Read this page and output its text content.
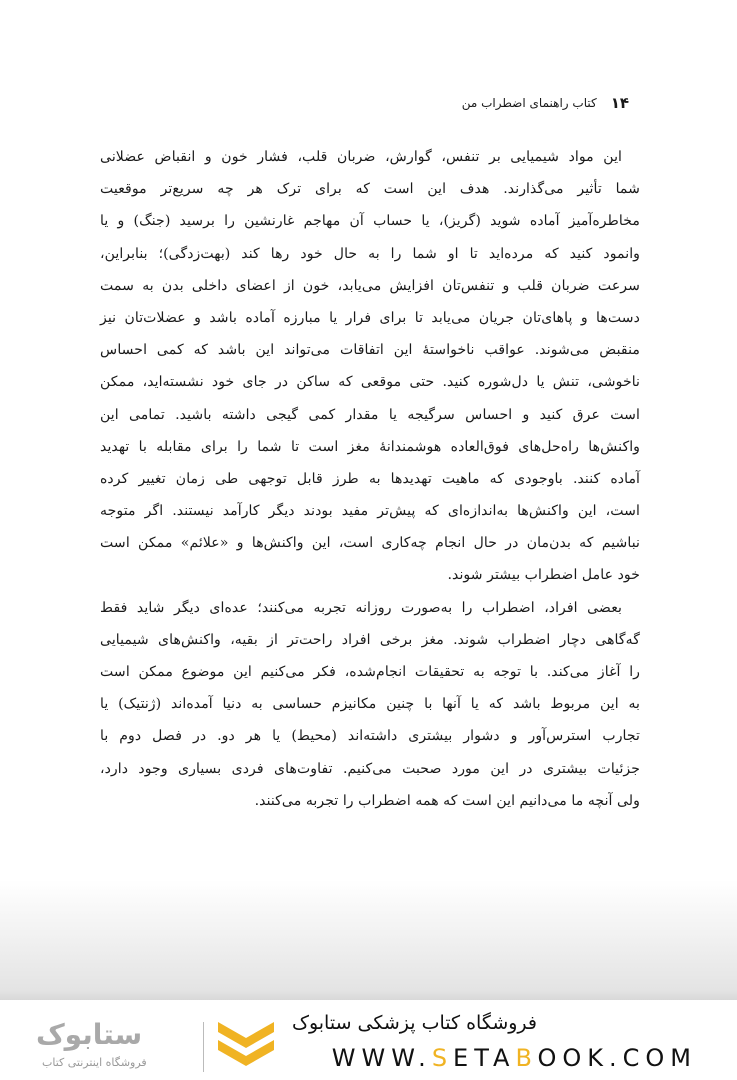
۱۴
کتاب راهنمای اضطراب من
این مواد شیمیایی بر تنفس، گوارش، ضربان قلب، فشار خون و انقباض عضلانی
شما تأثیر می‌گذارند. هدف این است که برای ترک هر چه سریع‌تر موقعیت
مخاطره‌آمیز آماده شوید (گریز)، یا حساب آن مهاجم غارنشین را برسید (جنگ) و یا
وانمود کنید که مرده‌اید تا او شما را به حال خود رها کند (بهت‌زدگی)؛ بنابراین،
سرعت ضربان قلب و تنفس‌تان افزایش می‌یابد، خون از اعضای داخلی بدن به سمت
دست‌ها و پاهای‌تان جریان می‌یابد تا برای فرار یا مبارزه آماده باشد و عضلات‌تان نیز
منقبض می‌شوند. عواقب ناخواستهٔ این اتفاقات می‌تواند این باشد که کمی احساس
ناخوشی، تنش یا دل‌شوره کنید. حتی موقعی که ساکن در جای خود نشسته‌اید، ممکن
است عرق کنید و احساس سرگیجه یا مقدار کمی گیجی داشته باشید. تمامی این
واکنش‌ها راه‌حل‌های فوق‌العاده هوشمندانهٔ مغز است تا شما را برای مقابله با تهدید
آماده کنند. باوجودی که ماهیت تهدیدها به طرز قابل توجهی طی زمان تغییر کرده
است، این واکنش‌ها به‌اندازه‌ای که پیش‌تر مفید بودند دیگر کارآمد نیستند. اگر متوجه
نباشیم که بدن‌مان در حال انجام چه‌کاری است، این واکنش‌ها و «علائم» ممکن است
خود عامل اضطراب بیشتر شوند.
بعضی افراد، اضطراب را به‌صورت روزانه تجربه می‌کنند؛ عده‌ای دیگر شاید فقط
گه‌گاهی دچار اضطراب شوند. مغز برخی افراد راحت‌تر از بقیه، واکنش‌های شیمیایی
را آغاز می‌کند. با توجه به تحقیقات انجام‌شده، فکر می‌کنیم این موضوع ممکن است
به این مربوط باشد که یا آنها با چنین مکانیزم حساسی به دنیا آمده‌اند (ژنتیک) یا
تجارب استرس‌آور و دشوار بیشتری داشته‌اند (محیط) یا هر دو. در فصل دوم با
جزئیات بیشتری در این مورد صحبت می‌کنیم. تفاوت‌های فردی بسیاری وجود دارد،
ولی آنچه ما می‌دانیم این است که همه اضطراب را تجربه می‌کنند.
ستابوک
فروشگاه اینترنتی کتاب
فروشگاه کتاب پزشکی ستابوک
WWW.SETABOOK.COM
